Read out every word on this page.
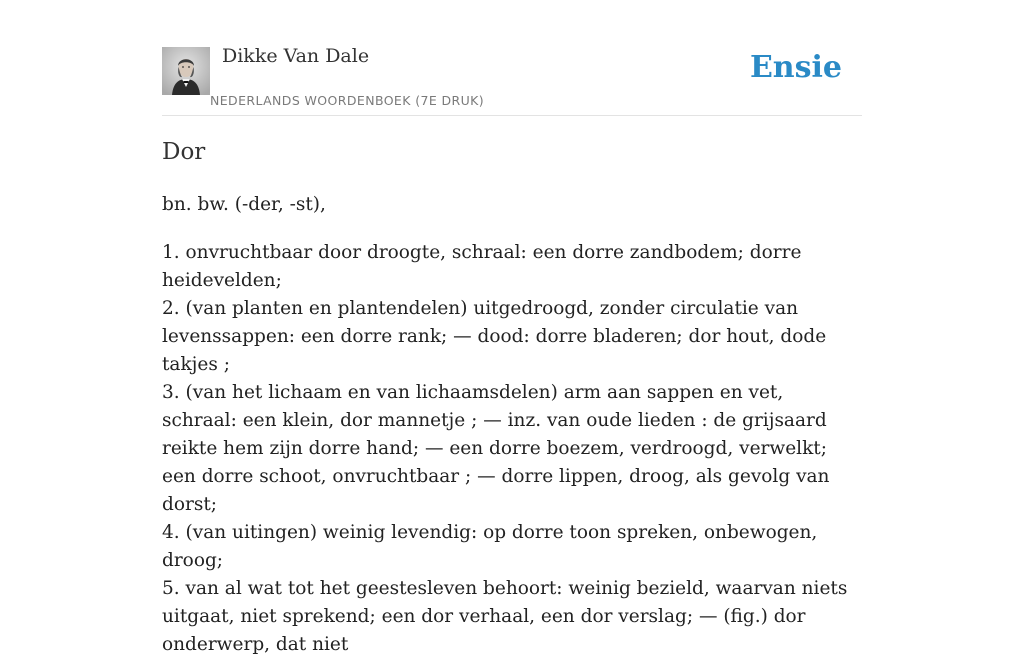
Dikke Van Dale
NEDERLANDS WOORDENBOEK (7E DRUK)
Ensie
Dor
bn. bw. (-der, -st),
1. onvruchtbaar door droogte, schraal: een dorre zandbodem; dorre heidevelden;
2. (van planten en plantendelen) uitgedroogd, zonder circulatie van levenssappen: een dorre rank; — dood: dorre bladeren; dor hout, dode takjes ;
3. (van het lichaam en van lichaamsdelen) arm aan sappen en vet, schraal: een klein, dor mannetje ; — inz. van oude lieden : de grijsaard reikte hem zijn dorre hand; — een dorre boezem, verdroogd, verwelkt; een dorre schoot, onvruchtbaar ; — dorre lippen, droog, als gevolg van dorst;
4. (van uitingen) weinig levendig: op dorre toon spreken, onbewogen, droog;
5. van al wat tot het geestesleven behoort: weinig bezield, waarvan niets uitgaat, niet sprekend; een dor verhaal, een dor verslag; — (fig.) dor onderwerp, dat niet
